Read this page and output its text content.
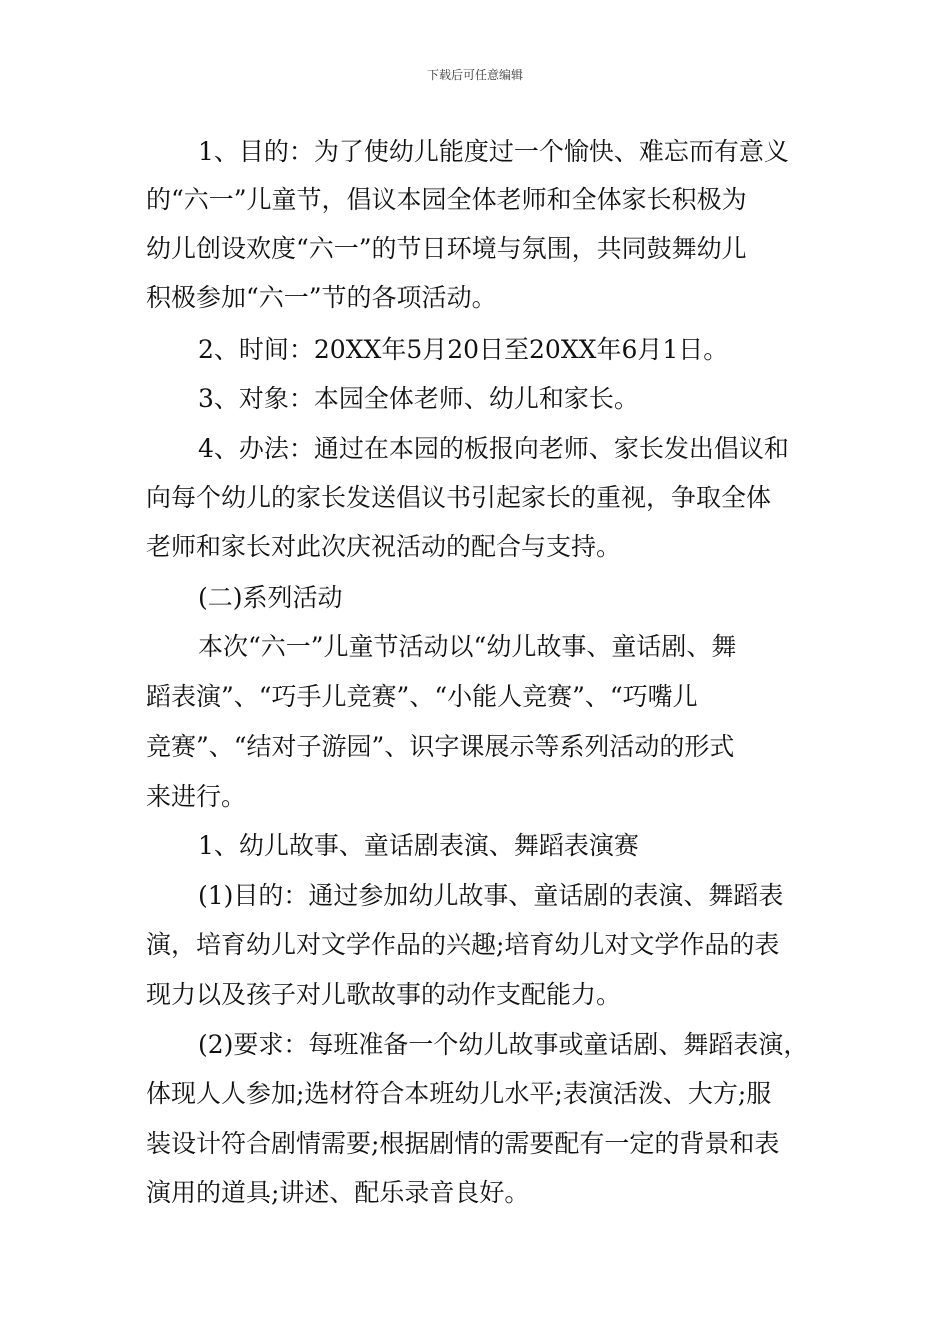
下载后可任意编辑
1、目的：为了使幼儿能度过一个愉快、难忘而有意义
的“六一”儿童节，倡议本园全体老师和全体家长积极为
幼儿创设欢度“六一”的节日环境与氛围，共同鼓舞幼儿
积极参加“六一”节的各项活动。
2、时间：20XX年5月20日至20XX年6月1日。
3、对象：本园全体老师、幼儿和家长。
4、办法：通过在本园的板报向老师、家长发出倡议和
向每个幼儿的家长发送倡议书引起家长的重视，争取全体
老师和家长对此次庆祝活动的配合与支持。
(二)系列活动
本次“六一”儿童节活动以“幼儿故事、童话剧、舞
蹈表演”、“巧手儿竞赛”、“小能人竞赛”、“巧嘴儿
竞赛”、“结对子游园”、识字课展示等系列活动的形式
来进行。
1、幼儿故事、童话剧表演、舞蹈表演赛
(1)目的：通过参加幼儿故事、童话剧的表演、舞蹈表
演，培育幼儿对文学作品的兴趣;培育幼儿对文学作品的表
现力以及孩子对儿歌故事的动作支配能力。
(2)要求：每班准备一个幼儿故事或童话剧、舞蹈表演，
体现人人参加;选材符合本班幼儿水平;表演活泼、大方;服
装设计符合剧情需要;根据剧情的需要配有一定的背景和表
演用的道具;讲述、配乐录音良好。
